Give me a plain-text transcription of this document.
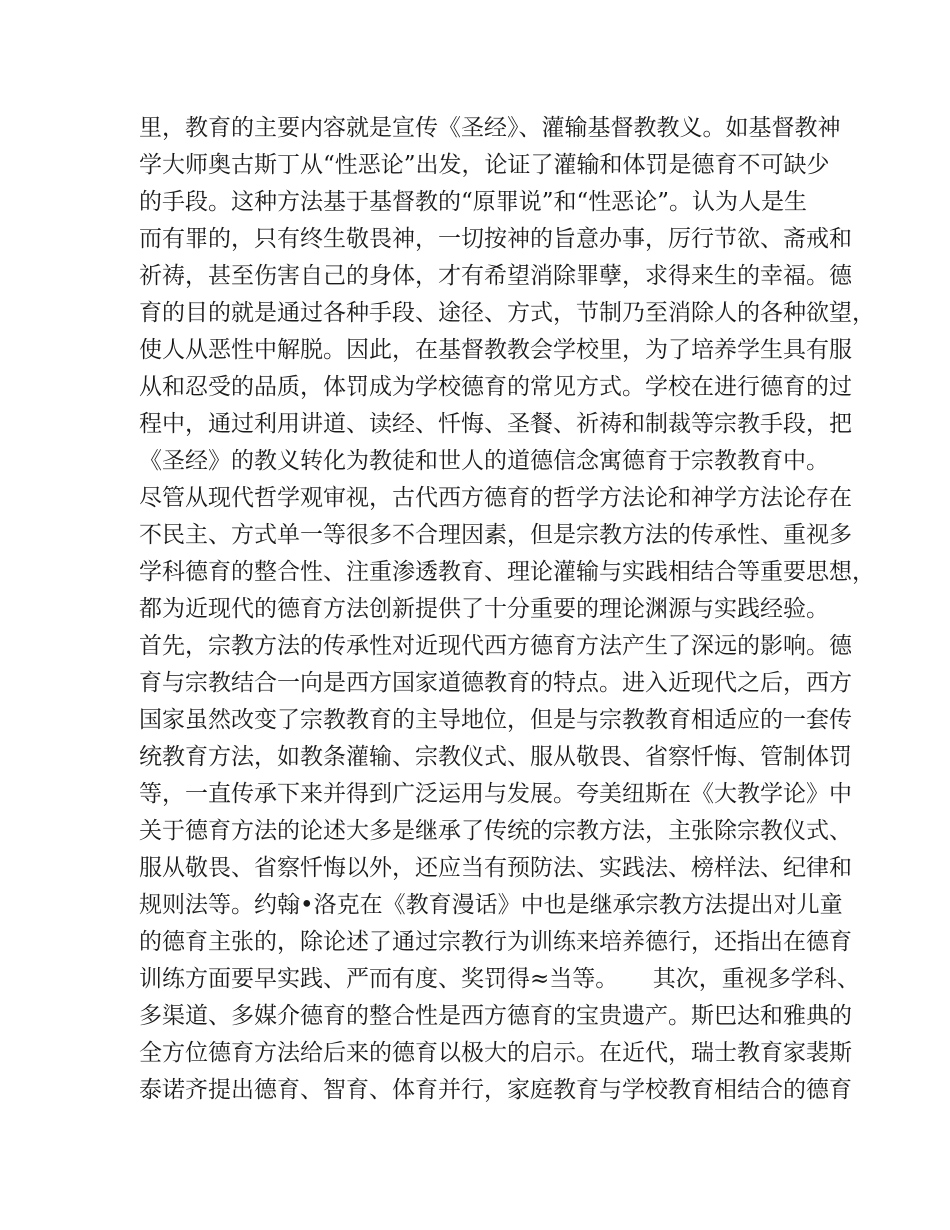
里，教育的主要内容就是宣传《圣经》、灌输基督教教义。如基督教神
学大师奥古斯丁从“性恶论”出发，论证了灌输和体罚是德育不可缺少
的手段。这种方法基于基督教的“原罪说”和“性恶论”。认为人是生
而有罪的，只有终生敬畏神，一切按神的旨意办事，厉行节欲、斋戒和
祈祷，甚至伤害自己的身体，才有希望消除罪孽，求得来生的幸福。德
育的目的就是通过各种手段、途径、方式，节制乃至消除人的各种欲望，
使人从恶性中解脱。因此，在基督教教会学校里，为了培养学生具有服
从和忍受的品质，体罚成为学校德育的常见方式。学校在进行德育的过
程中，通过利用讲道、读经、忏悔、圣餐、祈祷和制裁等宗教手段，把
《圣经》的教义转化为教徒和世人的道德信念寓德育于宗教教育中。
尽管从现代哲学观审视，古代西方德育的哲学方法论和神学方法论存在
不民主、方式单一等很多不合理因素，但是宗教方法的传承性、重视多
学科德育的整合性、注重渗透教育、理论灌输与实践相结合等重要思想，
都为近现代的德育方法创新提供了十分重要的理论渊源与实践经验。
首先，宗教方法的传承性对近现代西方德育方法产生了深远的影响。德
育与宗教结合一向是西方国家道德教育的特点。进入近现代之后，西方
国家虽然改变了宗教教育的主导地位，但是与宗教教育相适应的一套传
统教育方法，如教条灌输、宗教仪式、服从敬畏、省察忏悔、管制体罚
等，一直传承下来并得到广泛运用与发展。夸美纽斯在《大教学论》中
关于德育方法的论述大多是继承了传统的宗教方法，主张除宗教仪式、
服从敬畏、省察忏悔以外，还应当有预防法、实践法、榜样法、纪律和
规则法等。约翰•洛克在《教育漫话》中也是继承宗教方法提出对儿童
的德育主张的，除论述了通过宗教行为训练来培养德行，还指出在德育
训练方面要早实践、严而有度、奖罚得≈当等。　　其次，重视多学科、
多渠道、多媒介德育的整合性是西方德育的宝贵遗产。斯巴达和雅典的
全方位德育方法给后来的德育以极大的启示。在近代，瑞士教育家裴斯
泰诺齐提出德育、智育、体育并行，家庭教育与学校教育相结合的德育
